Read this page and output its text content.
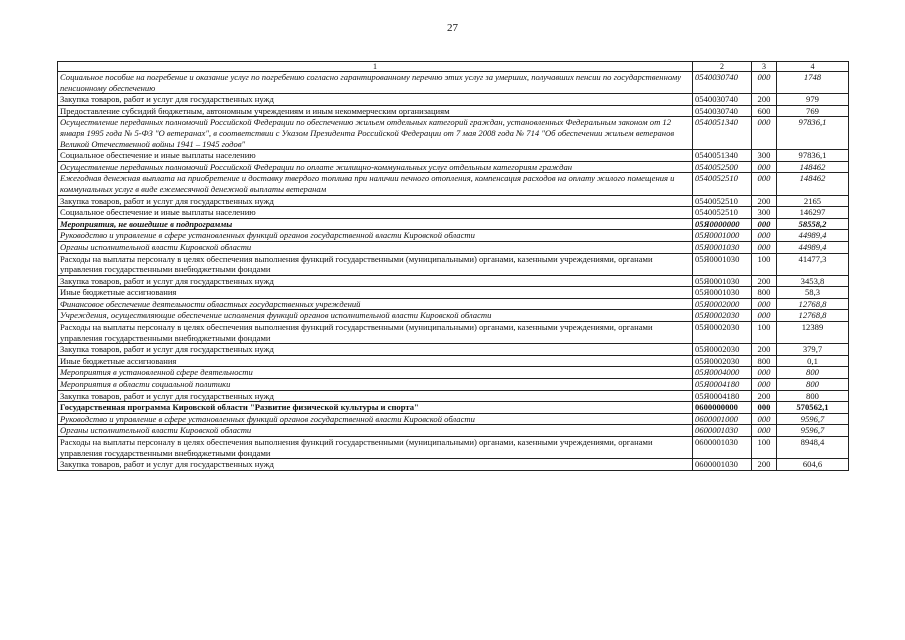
27
1	2	3	4
Социальное пособие на погребение и оказание услуг по погребению согласно гарантированному перечню этих услуг за умерших, получавших пенсии по государственному пенсионному обеспечению	0540030740	000	1748
Закупка товаров, работ и услуг для государственных нужд	0540030740	200	979
Предоставление субсидий бюджетным, автономным учреждениям и иным некоммерческим организациям	0540030740	600	769
Осуществление переданных полномочий Российской Федерации по обеспечению жильем отдельных категорий граждан, установленных Федеральным законом от 12 января 1995 года № 5-ФЗ "О ветеранах", в соответствии с Указом Президента Российской Федерации от 7 мая 2008 года № 714 "Об обеспечении жильем ветеранов Великой Отечественной войны 1941 – 1945 годов"	0540051340	000	97836,1
Социальное обеспечение и иные выплаты населению	0540051340	300	97836,1
Осуществление переданных полномочий Российской Федерации по оплате жилищно-коммунальных услуг отдельным категориям граждан	0540052500	000	148462
Ежегодная денежная выплата на приобретение и доставку твердого топлива при наличии печного отопления, компенсация расходов на оплату жилого помещения и коммунальных услуг в виде ежемесячной денежной выплаты ветеранам	0540052510	000	148462
Закупка товаров, работ и услуг для государственных нужд	0540052510	200	2165
Социальное обеспечение и иные выплаты населению	0540052510	300	146297
Мероприятия, не вошедшие в подпрограммы	05Я0000000	000	58558,2
Руководство и управление в сфере установленных функций органов государственной власти Кировской области	05Я0001000	000	44989,4
Органы исполнительной власти Кировской области	05Я0001030	000	44989,4
Расходы на выплаты персоналу в целях обеспечения выполнения функций государственными (муниципальными) органами, казенными учреждениями, органами управления государственными внебюджетными фондами	05Я0001030	100	41477,3
Закупка товаров, работ и услуг для государственных нужд	05Я0001030	200	3453,8
Иные бюджетные ассигнования	05Я0001030	800	58,3
Финансовое обеспечение деятельности областных государственных учреждений	05Я0002000	000	12768,8
Учреждения, осуществляющие обеспечение исполнения функций органов исполнительной власти Кировской области	05Я0002030	000	12768,8
Расходы на выплаты персоналу в целях обеспечения выполнения функций государственными (муниципальными) органами, казенными учреждениями, органами управления государственными внебюджетными фондами	05Я0002030	100	12389
Закупка товаров, работ и услуг для государственных нужд	05Я0002030	200	379,7
Иные бюджетные ассигнования	05Я0002030	800	0,1
Мероприятия в установленной сфере деятельности	05Я0004000	000	800
Мероприятия в области социальной политики	05Я0004180	000	800
Закупка товаров, работ и услуг для государственных нужд	05Я0004180	200	800
Государственная программа Кировской области "Развитие физической культуры и спорта"	0600000000	000	570562,1
Руководство и управление в сфере установленных функций органов государственной власти Кировской области	0600001000	000	9596,7
Органы исполнительной власти Кировской области	0600001030	000	9596,7
Расходы на выплаты персоналу в целях обеспечения выполнения функций государственными (муниципальными) органами, казенными учреждениями, органами управления государственными внебюджетными фондами	0600001030	100	8948,4
Закупка товаров, работ и услуг для государственных нужд	0600001030	200	604,6
